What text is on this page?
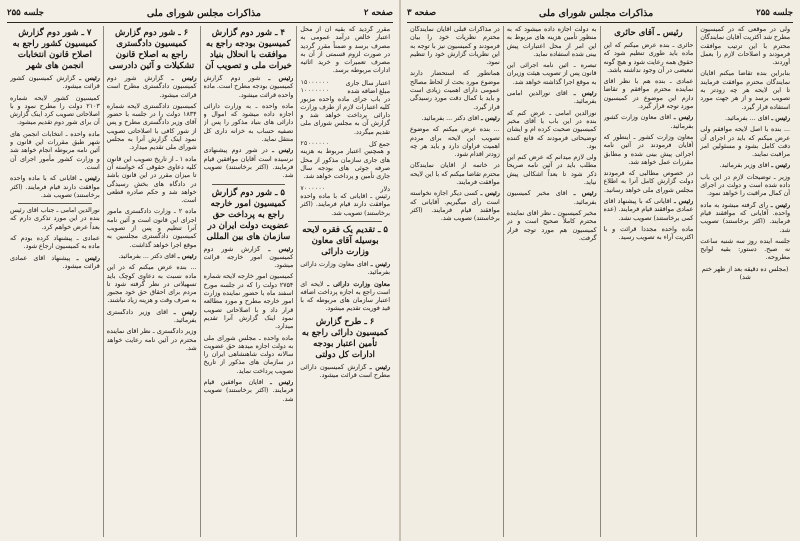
صفحه ۲
مذاکرات مجلس شورای ملی
جلسه ۲۵۵

مقرر گردید که بقیه آن از محل اعتبار خالص درآمد عمومی به مصرف برسد و ضمناً مقرر گردید در صورت لزوم قسمتی از آن به مصرف تعمیرات و خرید اثاثیه ادارات مربوطه برسد.

اعتبار سال جاری
۱۵۰۰۰۰۰۰
مبلغ اضافه شده
۱۰۰۰۰۰۰۰

در باب جرای ماده واحده مزبور کلیه اعتبارات لازم از طرف وزارت دارائی پرداخت خواهد شد و گزارش آن به مجلس شورای ملی تقدیم میگردد.

جمع کل
۲۵۰۰۰۰۰۰

و همچنین اعتبار مربوط به هزینه های جاری سازمان مذکور از محل صرفه جوئی های بودجه سال جاری تأمین و پرداخت خواهد شد.

دلار
۷۰۰۰۰۰۰

رئیس ـ آقایانی که با ماده واحده موافقت دارند قیام فرمایند. (اکثر برخاستند) تصویب شد.

۵ ـ تقدیم یک فقره لایحه بوسیله آقای معاون وزارت دارائی

رئیس ـ آقای معاون وزارت دارائی بفرمائید.

معاون وزارت دارائی ـ لایحه ای است راجع به اجازه پرداخت اضافه اعتبار سازمان های مربوطه که با قید فوریت تقدیم میشود.

۶ ـ طرح گزارش کمیسیون دارائی راجع به تأمین اعتبار بودجه ادارات کل دولتی

رئیس ـ گزارش کمیسیون دارائی مطرح است قرائت میشود.

۴ ـ شور دوم گزارش کمیسیون بودجه راجع به موافقت با انحلال بنیاد خیرات ملی و تصویب آن

رئیس ـ شور دوم گزارش کمیسیون بودجه مطرح است. ماده واحده قرائت میشود.

ماده واحده ـ به وزارت دارائی اجازه داده میشود که اموال و دارائی های بنیاد مذکور را پس از تصفیه حساب به خزانه داری کل منتقل نماید.

رئیس ـ در شور دوم پیشنهادی نرسیده است آقایان موافقین قیام فرمایند. (اکثر برخاستند) تصویب شد.

۵ ـ شور دوم گزارش کمیسیون امور خارجه راجع به پرداخت حق عضویت دولت ایران در سازمان های بین المللی

رئیس ـ گزارش شور دوم کمیسیون امور خارجه قرائت میشود.

کمیسیون امور خارجه لایحه شماره ۲۷۵۴ دولت را که در جلسه مورخ اسفند ماه با حضور نماینده وزارت امور خارجه مطرح و مورد مطالعه قرار داد و با اصلاحاتی تصویب نمود اینک گزارش آنرا تقدیم میدارد.

ماده واحده ـ مجلس شورای ملی به دولت اجازه میدهد حق عضویت سالانه دولت شاهنشاهی ایران را در سازمان های مذکور از تاریخ تصویب پرداخت نماید.

رئیس ـ آقایان موافقین قیام فرمایند. (اکثر برخاستند) تصویب شد.

۶ ـ شور دوم گزارش کمیسیون دادگستری راجع به اصلاح قانون تشکیلات و آئین دادرسی

رئیس ـ گزارش شور دوم کمیسیون دادگستری مطرح است قرائت میشود.

کمیسیون دادگستری لایحه شماره ۱۸۳۴ دولت را در جلسه با حضور آقای وزیر دادگستری مطرح و پس از شور کافی با اصلاحاتی تصویب نمود اینک گزارش آنرا به مجلس شورای ملی تقدیم میدارد.

ماده ۱ ـ از تاریخ تصویب این قانون کلیه دعاوی حقوقی که خواسته آن تا میزان مقرر در این قانون باشد در دادگاه های بخش رسیدگی خواهد شد و حکم صادره قطعی است.

ماده ۲ ـ وزارت دادگستری مأمور اجرای این قانون است و آئین نامه آنرا تنظیم و پس از تصویب کمیسیون دادگستری مجلسین به موقع اجرا خواهد گذاشت.

رئیس ـ آقای دکتر ... بفرمائید.

... بنده عرض میکنم که در این ماده نسبت به دعاوی کوچک باید تسهیلاتی در نظر گرفته شود تا مردم برای احقاق حق خود مجبور به صرف وقت و هزینه زیاد نباشند.

رئیس ـ آقای وزیر دادگستری بفرمائید.

وزیر دادگستری ـ نظر آقای نماینده محترم در آئین نامه رعایت خواهد شد.

۷ ـ شور دوم گزارش کمیسیون کشور راجع به اصلاح قانون انتخابات انجمن های شهر

رئیس ـ گزارش کمیسیون کشور قرائت میشود.

کمیسیون کشور لایحه شماره ۲۱۰۳ دولت را مطرح نمود و با اصلاحاتی تصویب کرد اینک گزارش آن برای شور دوم تقدیم میشود.

ماده واحده ـ انتخابات انجمن های شهر طبق مقررات این قانون و آئین نامه مربوطه انجام خواهد شد و وزارت کشور مأمور اجرای آن است.

رئیس ـ آقایانی که با ماده واحده موافقت دارند قیام فرمایند. (اکثر برخاستند) تصویب شد.

نورالدین امامی ـ جناب آقای رئیس بنده در این مورد تذکری دارم که بعداً عرض خواهم کرد.

عمادی ـ پیشنهاد کرده بودم که ماده به کمیسیون ارجاع شود.

رئیس ـ پیشنهاد آقای عمادی قرائت میشود.

جلسه ۲۵۵
مذاکرات مجلس شورای ملی
صفحه ۳

ولی در موقعی که در کمیسیون مطرح شد اکثریت آقایان نمایندگان محترم با این ترتیب موافقت فرمودند و اصلاحات لازم را بعمل آوردند.

بنابراین بنده تقاضا میکنم آقایان نمایندگان محترم موافقت فرمایند تا این لایحه هر چه زودتر به تصویب برسد و از هر جهت مورد استفاده قرار گیرد.

رئیس ـ آقای ... بفرمائید.

... بنده با اصل لایحه موافقم ولی عرض میکنم که باید در اجرای آن دقت کامل بشود و مسئولین امر مراقبت نمایند.

رئیس ـ آقای وزیر بفرمائید.

وزیر ـ توضیحات لازم در این باب داده شده است و دولت در اجرای آن کمال مراقبت را خواهد نمود.

رئیس ـ رأی گرفته میشود به ماده واحده. آقایانی که موافقند قیام فرمایند. (اکثر برخاستند) تصویب شد.

جلسه آینده روز سه شنبه ساعت نه صبح. دستور: بقیه لوایح مطروحه.

(مجلس ده دقیقه بعد از ظهر ختم شد)
رئیس ـ آقای حائری

حائری ـ بنده عرض میکنم که این ماده باید طوری تنظیم شود که حقوق همه رعایت شود و هیچ گونه تبعیضی در آن وجود نداشته باشد.

عمادی ـ بنده هم با نظر آقای نماینده محترم موافقم و تقاضا دارم این موضوع در کمیسیون مورد توجه قرار گیرد.

رئیس ـ آقای معاون وزارت کشور بفرمائید.

معاون وزارت کشور ـ اینطور که آقایان فرمودند در آئین نامه اجرائی پیش بینی شده و مطابق مقررات عمل خواهد شد.

در خصوص مطالبی که فرمودند دولت گزارش کامل آنرا به اطلاع مجلس شورای ملی خواهد رسانید.

رئیس ـ آقایانی که با پیشنهاد آقای عمادی موافقند قیام فرمایند. (عده کمی برخاستند) تصویب نشد.

ماده واحده مجدداً قرائت و با اکثریت آراء به تصویب رسید.

به دولت اجازه داده میشود که به منظور تأمین هزینه های مربوط به این امر از محل اعتبارات پیش بینی شده استفاده نماید.

تبصره ـ آئین نامه اجرائی این قانون پس از تصویب هیئت وزیران به موقع اجرا گذاشته خواهد شد.

رئیس ـ آقای نورالدین امامی بفرمائید.

نورالدین امامی ـ عرض کنم که بنده در این باب با آقای مخبر کمیسیون صحبت کرده ام و ایشان توضیحاتی فرمودند که قانع کننده بود.

ولی لازم میدانم که عرض کنم این مطلب باید در آئین نامه صریحاً ذکر شود تا بعداً اشکالی پیش نیاید.

رئیس ـ آقای مخبر کمیسیون بفرمائید.

مخبر کمیسیون ـ نظر آقای نماینده محترم کاملاً صحیح است و در کمیسیون هم مورد توجه قرار گرفت.

در مذاکرات قبلی آقایان نمایندگان محترم نظریات خود را بیان فرمودند و کمیسیون نیز با توجه به این نظریات گزارش خود را تنظیم نمود.

همانطور که استحضار دارند موضوع مورد بحث از لحاظ مصالح عمومی دارای اهمیت زیادی است و باید با کمال دقت مورد رسیدگی قرار گیرد.

رئیس ـ آقای دکتر ... بفرمائید.

... بنده عرض میکنم که موضوع تصویب این لایحه برای مردم اهمیت فراوان دارد و باید هر چه زودتر اقدام شود.

در خاتمه از آقایان نمایندگان محترم تقاضا میکنم که با این لایحه موافقت فرمایند.

رئیس ـ کسی دیگر اجازه نخواسته است رأی میگیریم. آقایانی که موافقند قیام فرمایند. (اکثر برخاستند) تصویب شد.
